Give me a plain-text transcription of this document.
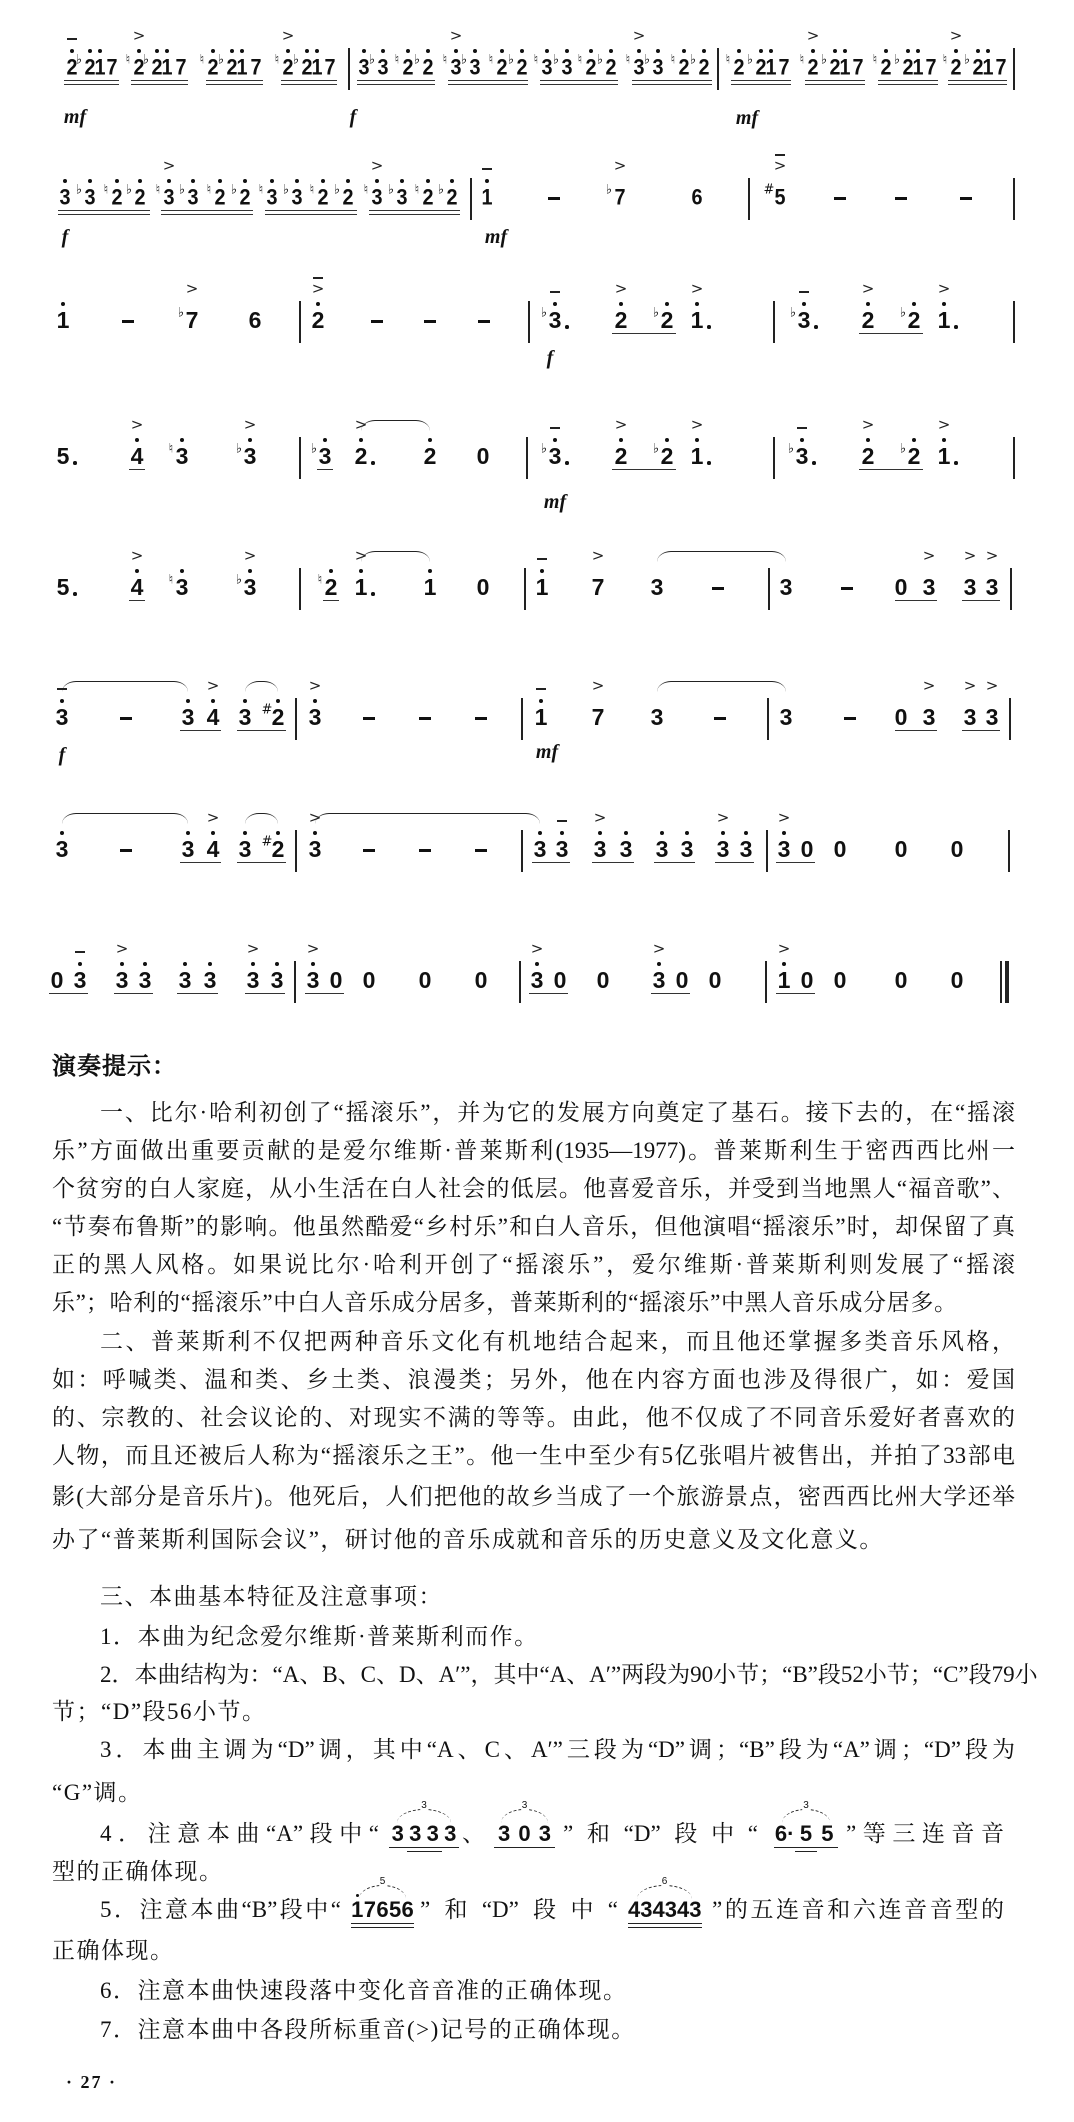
2 2
♭ 1 7 2
♮
>
2
♭ 1 7 2
♮ 2
♭ 1 7 2
♮
>
2
♭ 1 7 3 3
♭ 2
♮ 2
♭ 3
♮
>
3
♭ 2
♮ 2
♭ 3
♮ 3
♭ 2
♮ 2
♭ 3
♮
>
3
♭ 2
♮ 2
♭ 2
♮ 2
♭ 1 7 2
♮
>
2
♭ 1 7 2
♮ 2
♭ 1 7 2
♮
>
2
♭ 1 7
mf	f	mf
3 3
♭ 2
♮ 2
♭ 3
♮
>
3
♭ 2
♮ 2
♭ 3
♮ 3
♭ 2
♮ 2
♭ 3
♮
>
3
♭ 2
♮ 2
♭ 1	7
♭
>
6	5
#
>
f	mf
1	7
♭
>
6 2
>
3
♭	2
>
2
♭ 1
>
3
♭	2
>
2
♭ 1
>
f
5	4
>
3
♮	3
♭
>
3
♭ 2
>
2 0	3
♭	2
>
2
♭ 1
>
3
♭	2
>
2
♭ 1
>
mf
5	4
>
3
♮	3
♭
>
2
♮ 1
>
1 0 1 7
>
3	3	0 3
>
3
>
3
>
3	3 4
>
3 2
# 3
>
1 7
>
3	3	0 3
>
3
>
3
>
f	mf
3	3 4
>
3 2
# 3
>
3 3 3
>
3 3 3 3
>
3 3
>
0 0 0 0
0 3 3
>
3 3 3 3
>
3 3
>
0 0 0 0 3
>
0 0 3
>
0 0 1
>
0 0 0 0
演奏提示：
一、比尔·哈利初创了“摇滚乐”，并为它的发展方向奠定了基石。接下去的，在“摇滚
乐”方面做出重要贡献的是爱尔维斯·普莱斯利(1935—1977)。普莱斯利生于密西西比州一
个贫穷的白人家庭，从小生活在白人社会的低层。他喜爱音乐，并受到当地黑人“福音歌”、
“节奏布鲁斯”的影响。他虽然酷爱“乡村乐”和白人音乐，但他演唱“摇滚乐”时，却保留了真
正的黑人风格。如果说比尔·哈利开创了“摇滚乐”，爱尔维斯·普莱斯利则发展了“摇滚
乐”；哈利的“摇滚乐”中白人音乐成分居多，普莱斯利的“摇滚乐”中黑人音乐成分居多。
二、普莱斯利不仅把两种音乐文化有机地结合起来，而且他还掌握多类音乐风格，
如：呼喊类、温和类、乡土类、浪漫类；另外，他在内容方面也涉及得很广，如：爱国
的、宗教的、社会议论的、对现实不满的等等。由此，他不仅成了不同音乐爱好者喜欢的
人物，而且还被后人称为“摇滚乐之王”。他一生中至少有5亿张唱片被售出，并拍了33部电
影(大部分是音乐片)。他死后，人们把他的故乡当成了一个旅游景点，密西西比州大学还举
办了“普莱斯利国际会议”，研讨他的音乐成就和音乐的历史意义及文化意义。
三、本曲基本特征及注意事项：
1．本曲为纪念爱尔维斯·普莱斯利而作。
2．本曲结构为：“A、B、C、D、A′”，其中“A、A′”两段为90小节；“B”段52小节；“C”段79小
节；“D”段56小节。
3．本曲主调为“D”调，其中“A、C、A′”三段为“D”调；“B”段为“A”调；“D”段为
“G”调。
4．注意本曲“A”段中“
3
3 3 3 3 、
3
3 0 3 ”和“D”段中“
3
6· 5 5 ”等三连音音
型的正确体现。
5．注意本曲“B”段中“
5
1 7 6 5 6 ”和“D”段中“
6
4 3 4 3 4 3 ”的五连音和六连音音型的
正确体现。
6．注意本曲快速段落中变化音音准的正确体现。
7．注意本曲中各段所标重音(>)记号的正确体现。
· 27 ·
